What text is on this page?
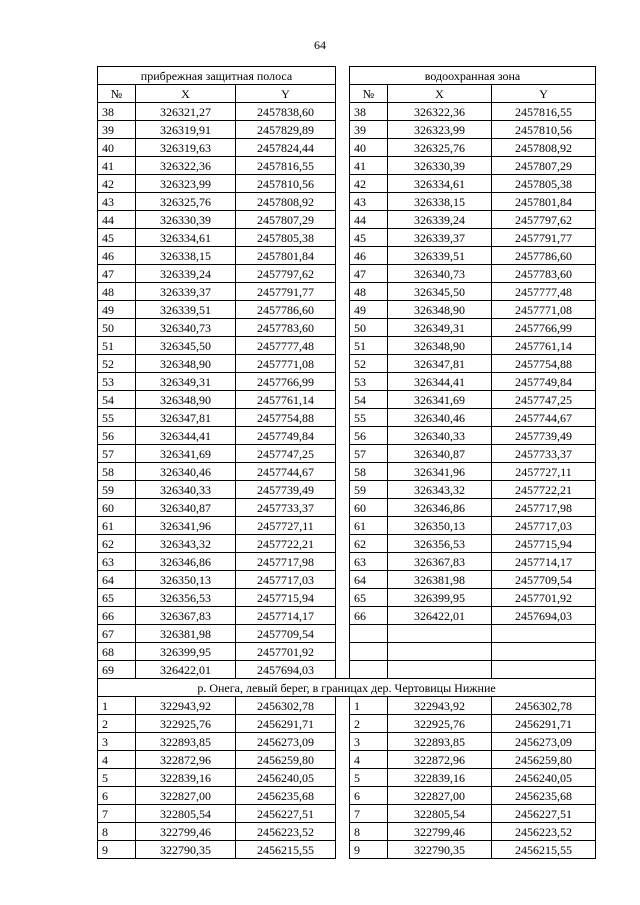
64
прибрежная защитная полоса				водоохранная зона		
№	X	Y		№	X	Y
38	326321,27	2457838,60		38	326322,36	2457816,55
39	326319,91	2457829,89		39	326323,99	2457810,56
40	326319,63	2457824,44		40	326325,76	2457808,92
41	326322,36	2457816,55		41	326330,39	2457807,29
42	326323,99	2457810,56		42	326334,61	2457805,38
43	326325,76	2457808,92		43	326338,15	2457801,84
44	326330,39	2457807,29		44	326339,24	2457797,62
45	326334,61	2457805,38		45	326339,37	2457791,77
46	326338,15	2457801,84		46	326339,51	2457786,60
47	326339,24	2457797,62		47	326340,73	2457783,60
48	326339,37	2457791,77		48	326345,50	2457777,48
49	326339,51	2457786,60		49	326348,90	2457771,08
50	326340,73	2457783,60		50	326349,31	2457766,99
51	326345,50	2457777,48		51	326348,90	2457761,14
52	326348,90	2457771,08		52	326347,81	2457754,88
53	326349,31	2457766,99		53	326344,41	2457749,84
54	326348,90	2457761,14		54	326341,69	2457747,25
55	326347,81	2457754,88		55	326340,46	2457744,67
56	326344,41	2457749,84		56	326340,33	2457739,49
57	326341,69	2457747,25		57	326340,87	2457733,37
58	326340,46	2457744,67		58	326341,96	2457727,11
59	326340,33	2457739,49		59	326343,32	2457722,21
60	326340,87	2457733,37		60	326346,86	2457717,98
61	326341,96	2457727,11		61	326350,13	2457717,03
62	326343,32	2457722,21		62	326356,53	2457715,94
63	326346,86	2457717,98		63	326367,83	2457714,17
64	326350,13	2457717,03		64	326381,98	2457709,54
65	326356,53	2457715,94		65	326399,95	2457701,92
66	326367,83	2457714,17		66	326422,01	2457694,03
67	326381,98	2457709,54				
68	326399,95	2457701,92				
69	326422,01	2457694,03				
р. Онега, левый берег, в границах дер. Чертовицы Нижние						
1	322943,92	2456302,78		1	322943,92	2456302,78
2	322925,76	2456291,71		2	322925,76	2456291,71
3	322893,85	2456273,09		3	322893,85	2456273,09
4	322872,96	2456259,80		4	322872,96	2456259,80
5	322839,16	2456240,05		5	322839,16	2456240,05
6	322827,00	2456235,68		6	322827,00	2456235,68
7	322805,54	2456227,51		7	322805,54	2456227,51
8	322799,46	2456223,52		8	322799,46	2456223,52
9	322790,35	2456215,55		9	322790,35	2456215,55
